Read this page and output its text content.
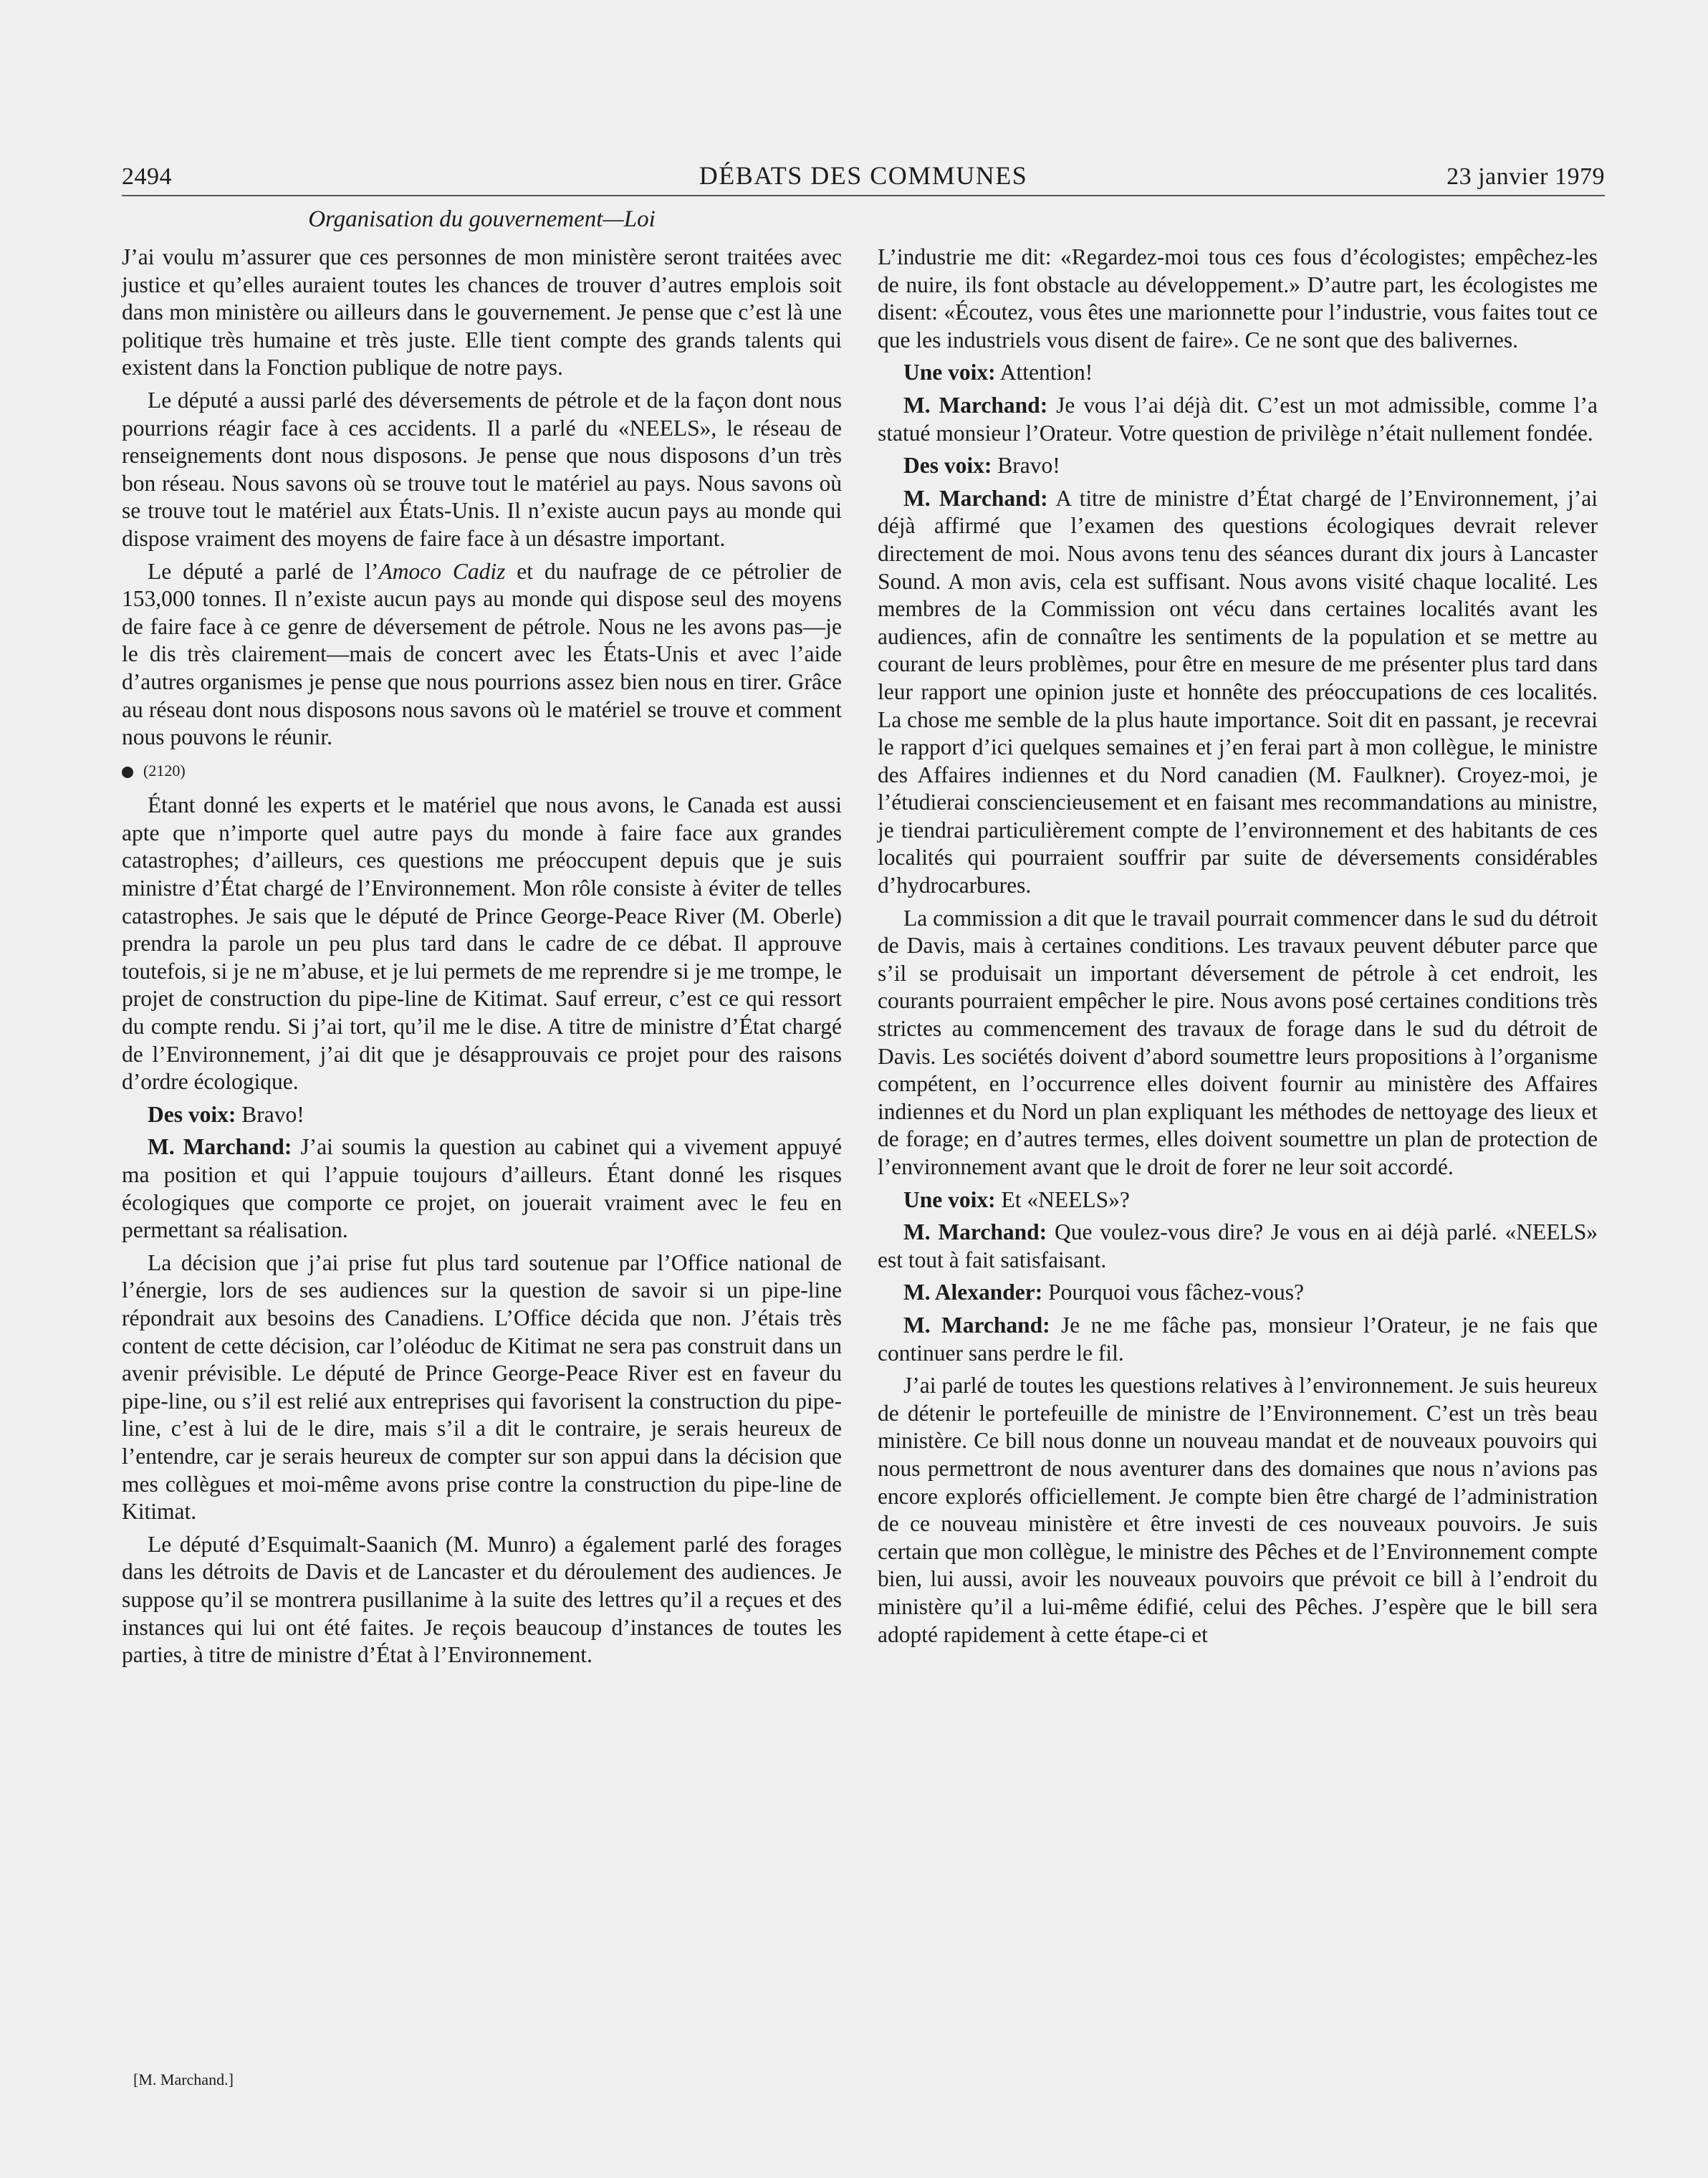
2494	DÉBATS DES COMMUNES	23 janvier 1979
Organisation du gouvernement—Loi

J’ai voulu m’assurer que ces personnes de mon ministère seront traitées avec justice et qu’elles auraient toutes les chances de trouver d’autres emplois soit dans mon ministère ou ailleurs dans le gouvernement. Je pense que c’est là une politique très humaine et très juste. Elle tient compte des grands talents qui existent dans la Fonction publique de notre pays.

Le député a aussi parlé des déversements de pétrole et de la façon dont nous pourrions réagir face à ces accidents. Il a parlé du «NEELS», le réseau de renseignements dont nous disposons. Je pense que nous disposons d’un très bon réseau. Nous savons où se trouve tout le matériel au pays. Nous savons où se trouve tout le matériel aux États-Unis. Il n’existe aucun pays au monde qui dispose vraiment des moyens de faire face à un désastre important.

Le député a parlé de l’Amoco Cadiz et du naufrage de ce pétrolier de 153,000 tonnes. Il n’existe aucun pays au monde qui dispose seul des moyens de faire face à ce genre de déversement de pétrole. Nous ne les avons pas—je le dis très clairement—mais de concert avec les États-Unis et avec l’aide d’autres organismes je pense que nous pourrions assez bien nous en tirer. Grâce au réseau dont nous disposons nous savons où le matériel se trouve et comment nous pouvons le réunir.

(2120)

Étant donné les experts et le matériel que nous avons, le Canada est aussi apte que n’importe quel autre pays du monde à faire face aux grandes catastrophes; d’ailleurs, ces questions me préoccupent depuis que je suis ministre d’État chargé de l’Environnement. Mon rôle consiste à éviter de telles catastrophes. Je sais que le député de Prince George-Peace River (M. Oberle) prendra la parole un peu plus tard dans le cadre de ce débat. Il approuve toutefois, si je ne m’abuse, et je lui permets de me reprendre si je me trompe, le projet de construction du pipe-line de Kitimat. Sauf erreur, c’est ce qui ressort du compte rendu. Si j’ai tort, qu’il me le dise. A titre de ministre d’État chargé de l’Environnement, j’ai dit que je désapprouvais ce projet pour des raisons d’ordre écologique.

Des voix: Bravo!

M. Marchand: J’ai soumis la question au cabinet qui a vivement appuyé ma position et qui l’appuie toujours d’ailleurs. Étant donné les risques écologiques que comporte ce projet, on jouerait vraiment avec le feu en permettant sa réalisation.

La décision que j’ai prise fut plus tard soutenue par l’Office national de l’énergie, lors de ses audiences sur la question de savoir si un pipe-line répondrait aux besoins des Canadiens. L’Office décida que non. J’étais très content de cette décision, car l’oléoduc de Kitimat ne sera pas construit dans un avenir prévisible. Le député de Prince George-Peace River est en faveur du pipe-line, ou s’il est relié aux entreprises qui favorisent la construction du pipe-line, c’est à lui de le dire, mais s’il a dit le contraire, je serais heureux de l’entendre, car je serais heureux de compter sur son appui dans la décision que mes collègues et moi-même avons prise contre la construction du pipe-line de Kitimat.

Le député d’Esquimalt-Saanich (M. Munro) a également parlé des forages dans les détroits de Davis et de Lancaster et du déroulement des audiences. Je suppose qu’il se montrera pusillanime à la suite des lettres qu’il a reçues et des instances qui lui ont été faites. Je reçois beaucoup d’instances de toutes les parties, à titre de ministre d’État à l’Environnement.

L’industrie me dit: «Regardez-moi tous ces fous d’écologistes; empêchez-les de nuire, ils font obstacle au développement.» D’autre part, les écologistes me disent: «Écoutez, vous êtes une marionnette pour l’industrie, vous faites tout ce que les industriels vous disent de faire». Ce ne sont que des balivernes.

Une voix: Attention!

M. Marchand: Je vous l’ai déjà dit. C’est un mot admissible, comme l’a statué monsieur l’Orateur. Votre question de privilège n’était nullement fondée.

Des voix: Bravo!

M. Marchand: A titre de ministre d’État chargé de l’Environnement, j’ai déjà affirmé que l’examen des questions écologiques devrait relever directement de moi. Nous avons tenu des séances durant dix jours à Lancaster Sound. A mon avis, cela est suffisant. Nous avons visité chaque localité. Les membres de la Commission ont vécu dans certaines localités avant les audiences, afin de connaître les sentiments de la population et se mettre au courant de leurs problèmes, pour être en mesure de me présenter plus tard dans leur rapport une opinion juste et honnête des préoccupations de ces localités. La chose me semble de la plus haute importance. Soit dit en passant, je recevrai le rapport d’ici quelques semaines et j’en ferai part à mon collègue, le ministre des Affaires indiennes et du Nord canadien (M. Faulkner). Croyez-moi, je l’étudierai consciencieusement et en faisant mes recommandations au ministre, je tiendrai particulièrement compte de l’environnement et des habitants de ces localités qui pourraient souffrir par suite de déversements considérables d’hydrocarbures.

La commission a dit que le travail pourrait commencer dans le sud du détroit de Davis, mais à certaines conditions. Les travaux peuvent débuter parce que s’il se produisait un important déversement de pétrole à cet endroit, les courants pourraient empêcher le pire. Nous avons posé certaines conditions très strictes au commencement des travaux de forage dans le sud du détroit de Davis. Les sociétés doivent d’abord soumettre leurs propositions à l’organisme compétent, en l’occurrence elles doivent fournir au ministère des Affaires indiennes et du Nord un plan expliquant les méthodes de nettoyage des lieux et de forage; en d’autres termes, elles doivent soumettre un plan de protection de l’environnement avant que le droit de forer ne leur soit accordé.

Une voix: Et «NEELS»?

M. Marchand: Que voulez-vous dire? Je vous en ai déjà parlé. «NEELS» est tout à fait satisfaisant.

M. Alexander: Pourquoi vous fâchez-vous?

M. Marchand: Je ne me fâche pas, monsieur l’Orateur, je ne fais que continuer sans perdre le fil.

J’ai parlé de toutes les questions relatives à l’environnement. Je suis heureux de détenir le portefeuille de ministre de l’Environnement. C’est un très beau ministère. Ce bill nous donne un nouveau mandat et de nouveaux pouvoirs qui nous permettront de nous aventurer dans des domaines que nous n’avions pas encore explorés officiellement. Je compte bien être chargé de l’administration de ce nouveau ministère et être investi de ces nouveaux pouvoirs. Je suis certain que mon collègue, le ministre des Pêches et de l’Environnement compte bien, lui aussi, avoir les nouveaux pouvoirs que prévoit ce bill à l’endroit du ministère qu’il a lui-même édifié, celui des Pêches. J’espère que le bill sera adopté rapidement à cette étape-ci et

[M. Marchand.]
